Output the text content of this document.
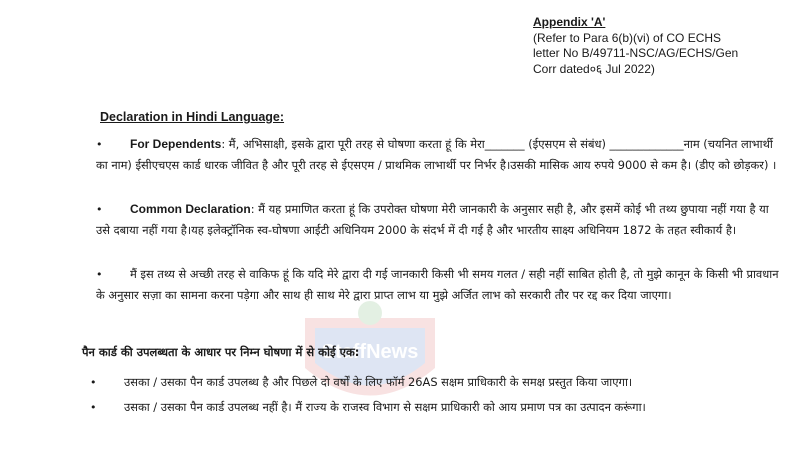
StaffNews
Appendix 'A'
(Refer to Para 6(b)(vi) of CO ECHS
letter No B/49711-NSC/AG/ECHS/Gen
Corr dated०६ Jul 2022)
Declaration in Hindi Language:
• For Dependents: मैं, अभिसाक्षी, इसके द्वारा पूरी तरह से घोषणा करता हूं कि मेरा_______ (ईएसएम से संबंध) _____________नाम (चयनित लाभार्थी का नाम) ईसीएचएस कार्ड धारक जीवित है और पूरी तरह से ईएसएम / प्राथमिक लाभार्थी पर निर्भर है।उसकी मासिक आय रुपये 9000 से कम है। (डीए को छोड़कर) ।
• Common Declaration: मैं यह प्रमाणित करता हूं कि उपरोक्त घोषणा मेरी जानकारी के अनुसार सही है, और इसमें कोई भी तथ्य छुपाया नहीं गया है या उसे दबाया नहीं गया है।यह इलेक्ट्रॉनिक स्व-घोषणा आईटी अधिनियम 2000 के संदर्भ में दी गई है और भारतीय साक्ष्य अधिनियम 1872 के तहत स्वीकार्य है।
• मैं इस तथ्य से अच्छी तरह से वाकिफ हूं कि यदि मेरे द्वारा दी गई जानकारी किसी भी समय गलत / सही नहीं साबित होती है, तो मुझे कानून के किसी भी प्रावधान के अनुसार सज़ा का सामना करना पड़ेगा और साथ ही साथ मेरे द्वारा प्राप्त लाभ या मुझे अर्जित लाभ को सरकारी तौर पर रद्द कर दिया जाएगा।
पैन कार्ड की उपलब्धता के आधार पर निम्न घोषणा में से कोई एक:
• उसका / उसका पैन कार्ड उपलब्ध है और पिछले दो वर्षों के लिए फॉर्म 26AS सक्षम प्राधिकारी के समक्ष प्रस्तुत किया जाएगा।
• उसका / उसका पैन कार्ड उपलब्ध नहीं है। मैं राज्य के राजस्व विभाग से सक्षम प्राधिकारी को आय प्रमाण पत्र का उत्पादन करूंगा।
